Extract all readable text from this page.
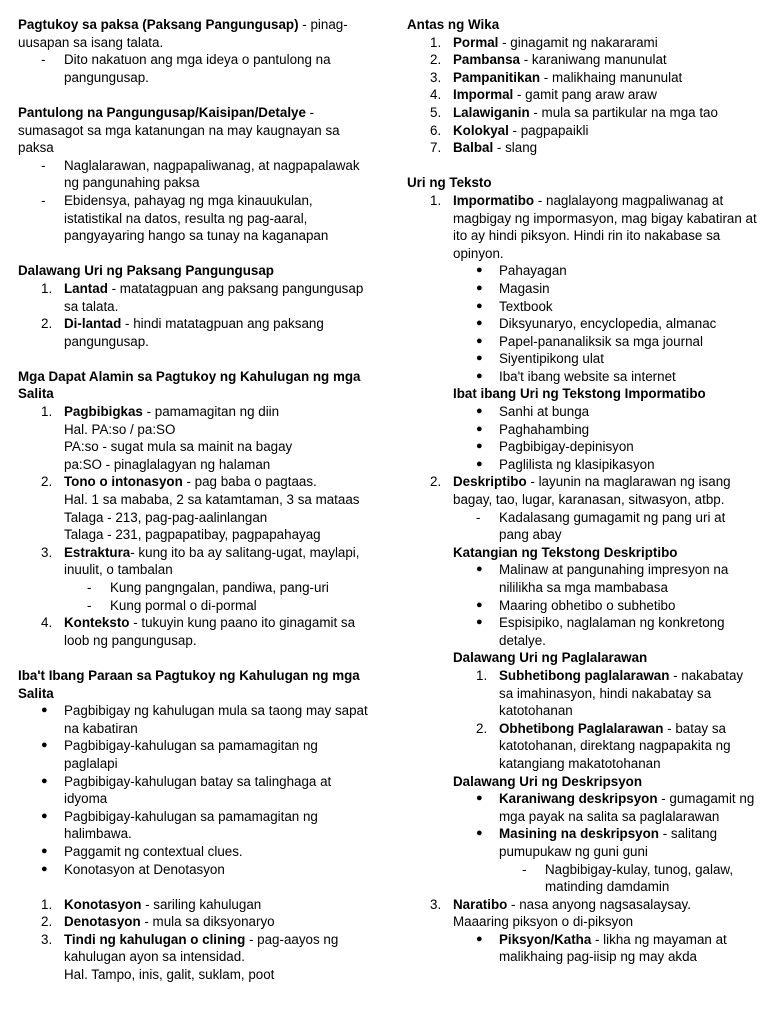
Pagtukoy sa paksa (Paksang Pangungusap) - pinag-uusapan sa isang talata.
- Dito nakatuon ang mga ideya o pantulong na pangungusap.
Pantulong na Pangungusap/Kaisipan/Detalye - sumasagot sa mga katanungan na may kaugnayan sa paksa
- Naglalarawan, nagpapaliwanag, at nagpapalawak ng pangunahing paksa
- Ebidensya, pahayag ng mga kinauukulan, istatistikal na datos, resulta ng pag-aaral, pangyayaring hango sa tunay na kaganapan
Dalawang Uri ng Paksang Pangungusap
1. Lantad - matatagpuan ang paksang pangungusap sa talata.
2. Di-lantad - hindi matatagpuan ang paksang pangungusap.
Mga Dapat Alamin sa Pagtukoy ng Kahulugan ng mga Salita
1. Pagbibigkas - pamamagitan ng diin
Hal. PA:so / pa:SO
PA:so - sugat mula sa mainit na bagay
pa:SO - pinaglalagyan ng halaman
2. Tono o intonasyon - pag baba o pagtaas.
Hal. 1 sa mababa, 2 sa katamtaman, 3 sa mataas
Talaga - 213, pag-pag-aalinlangan
Talaga - 231, pagpapatibay, pagpapahayag
3. Estraktura- kung ito ba ay salitang-ugat, maylapi, inuulit, o tambalan
- Kung pangngalan, pandiwa, pang-uri
- Kung pormal o di-pormal
4. Konteksto - tukuyin kung paano ito ginagamit sa loob ng pangungusap.
Iba't Ibang Paraan sa Pagtukoy ng Kahulugan ng mga Salita
● Pagbibigay ng kahulugan mula sa taong may sapat na kabatiran
● Pagbibigay-kahulugan sa pamamagitan ng paglalapi
● Pagbibigay-kahulugan batay sa talinghaga at idyoma
● Pagbibigay-kahulugan sa pamamagitan ng halimbawa.
● Paggamit ng contextual clues.
● Konotasyon at Denotasyon
1. Konotasyon - sariling kahulugan
2. Denotasyon - mula sa diksyonaryo
3. Tindi ng kahulugan o clining - pag-aayos ng kahulugan ayon sa intensidad.
Hal. Tampo, inis, galit, suklam, poot
Antas ng Wika
1. Pormal - ginagamit ng nakararami
2. Pambansa - karaniwang manunulat
3. Pampanitikan - malikhaing manunulat
4. Impormal - gamit pang araw araw
5. Lalawiganin - mula sa partikular na mga tao
6. Kolokyal - pagpapaikli
7. Balbal - slang
Uri ng Teksto
1. Impormatibo - naglalayong magpaliwanag at magbigay ng impormasyon, mag bigay kabatiran at ito ay hindi piksyon. Hindi rin ito nakabase sa opinyon.
● Pahayagan
● Magasin
● Textbook
● Diksyunaryo, encyclopedia, almanac
● Papel-pananaliksik sa mga journal
● Siyentipikong ulat
● Iba't ibang website sa internet
Ibat ibang Uri ng Tekstong Impormatibo
● Sanhi at bunga
● Paghahambing
● Pagbibigay-depinisyon
● Paglilista ng klasipikasyon
2. Deskriptibo - layunin na maglarawan ng isang bagay, tao, lugar, karanasan, sitwasyon, atbp.
- Kadalasang gumagamit ng pang uri at pang abay
Katangian ng Tekstong Deskriptibo
● Malinaw at pangunahing impresyon na nililikha sa mga mambabasa
● Maaring obhetibo o subhetibo
● Espisipiko, naglalaman ng konkretong detalye.
Dalawang Uri ng Paglalarawan
1. Subhetibong paglalarawan - nakabatay sa imahinasyon, hindi nakabatay sa katotohanan
2. Obhetibong Paglalarawan - batay sa katotohanan, direktang nagpapakita ng katangiang makatotohanan
Dalawang Uri ng Deskripsyon
● Karaniwang deskripsyon - gumagamit ng mga payak na salita sa paglalarawan
● Masining na deskripsyon - salitang pumupukaw ng guni guni
- Nagbibigay-kulay, tunog, galaw, matinding damdamin
3. Naratibo - nasa anyong nagsasalaysay.
Maaaring piksyon o di-piksyon
● Piksyon/Katha - likha ng mayaman at malikhaing pag-iisip ng may akda
